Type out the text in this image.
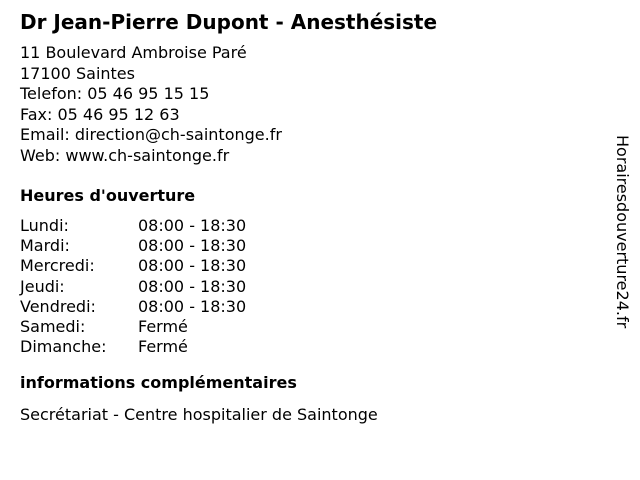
Dr Jean-Pierre Dupont - Anesthésiste
11 Boulevard Ambroise Paré
17100 Saintes
Telefon: 05 46 95 15 15
Fax: 05 46 95 12 63
Email: direction@ch-saintonge.fr
Web: www.ch-saintonge.fr
Heures d'ouverture
Lundi:	08:00 - 18:30
Mardi:	08:00 - 18:30
Mercredi:	08:00 - 18:30
Jeudi:	08:00 - 18:30
Vendredi:	08:00 - 18:30
Samedi:	Fermé
Dimanche: Fermé
informations complémentaires
Secrétariat - Centre hospitalier de Saintonge
Horairesdouverture24.fr
